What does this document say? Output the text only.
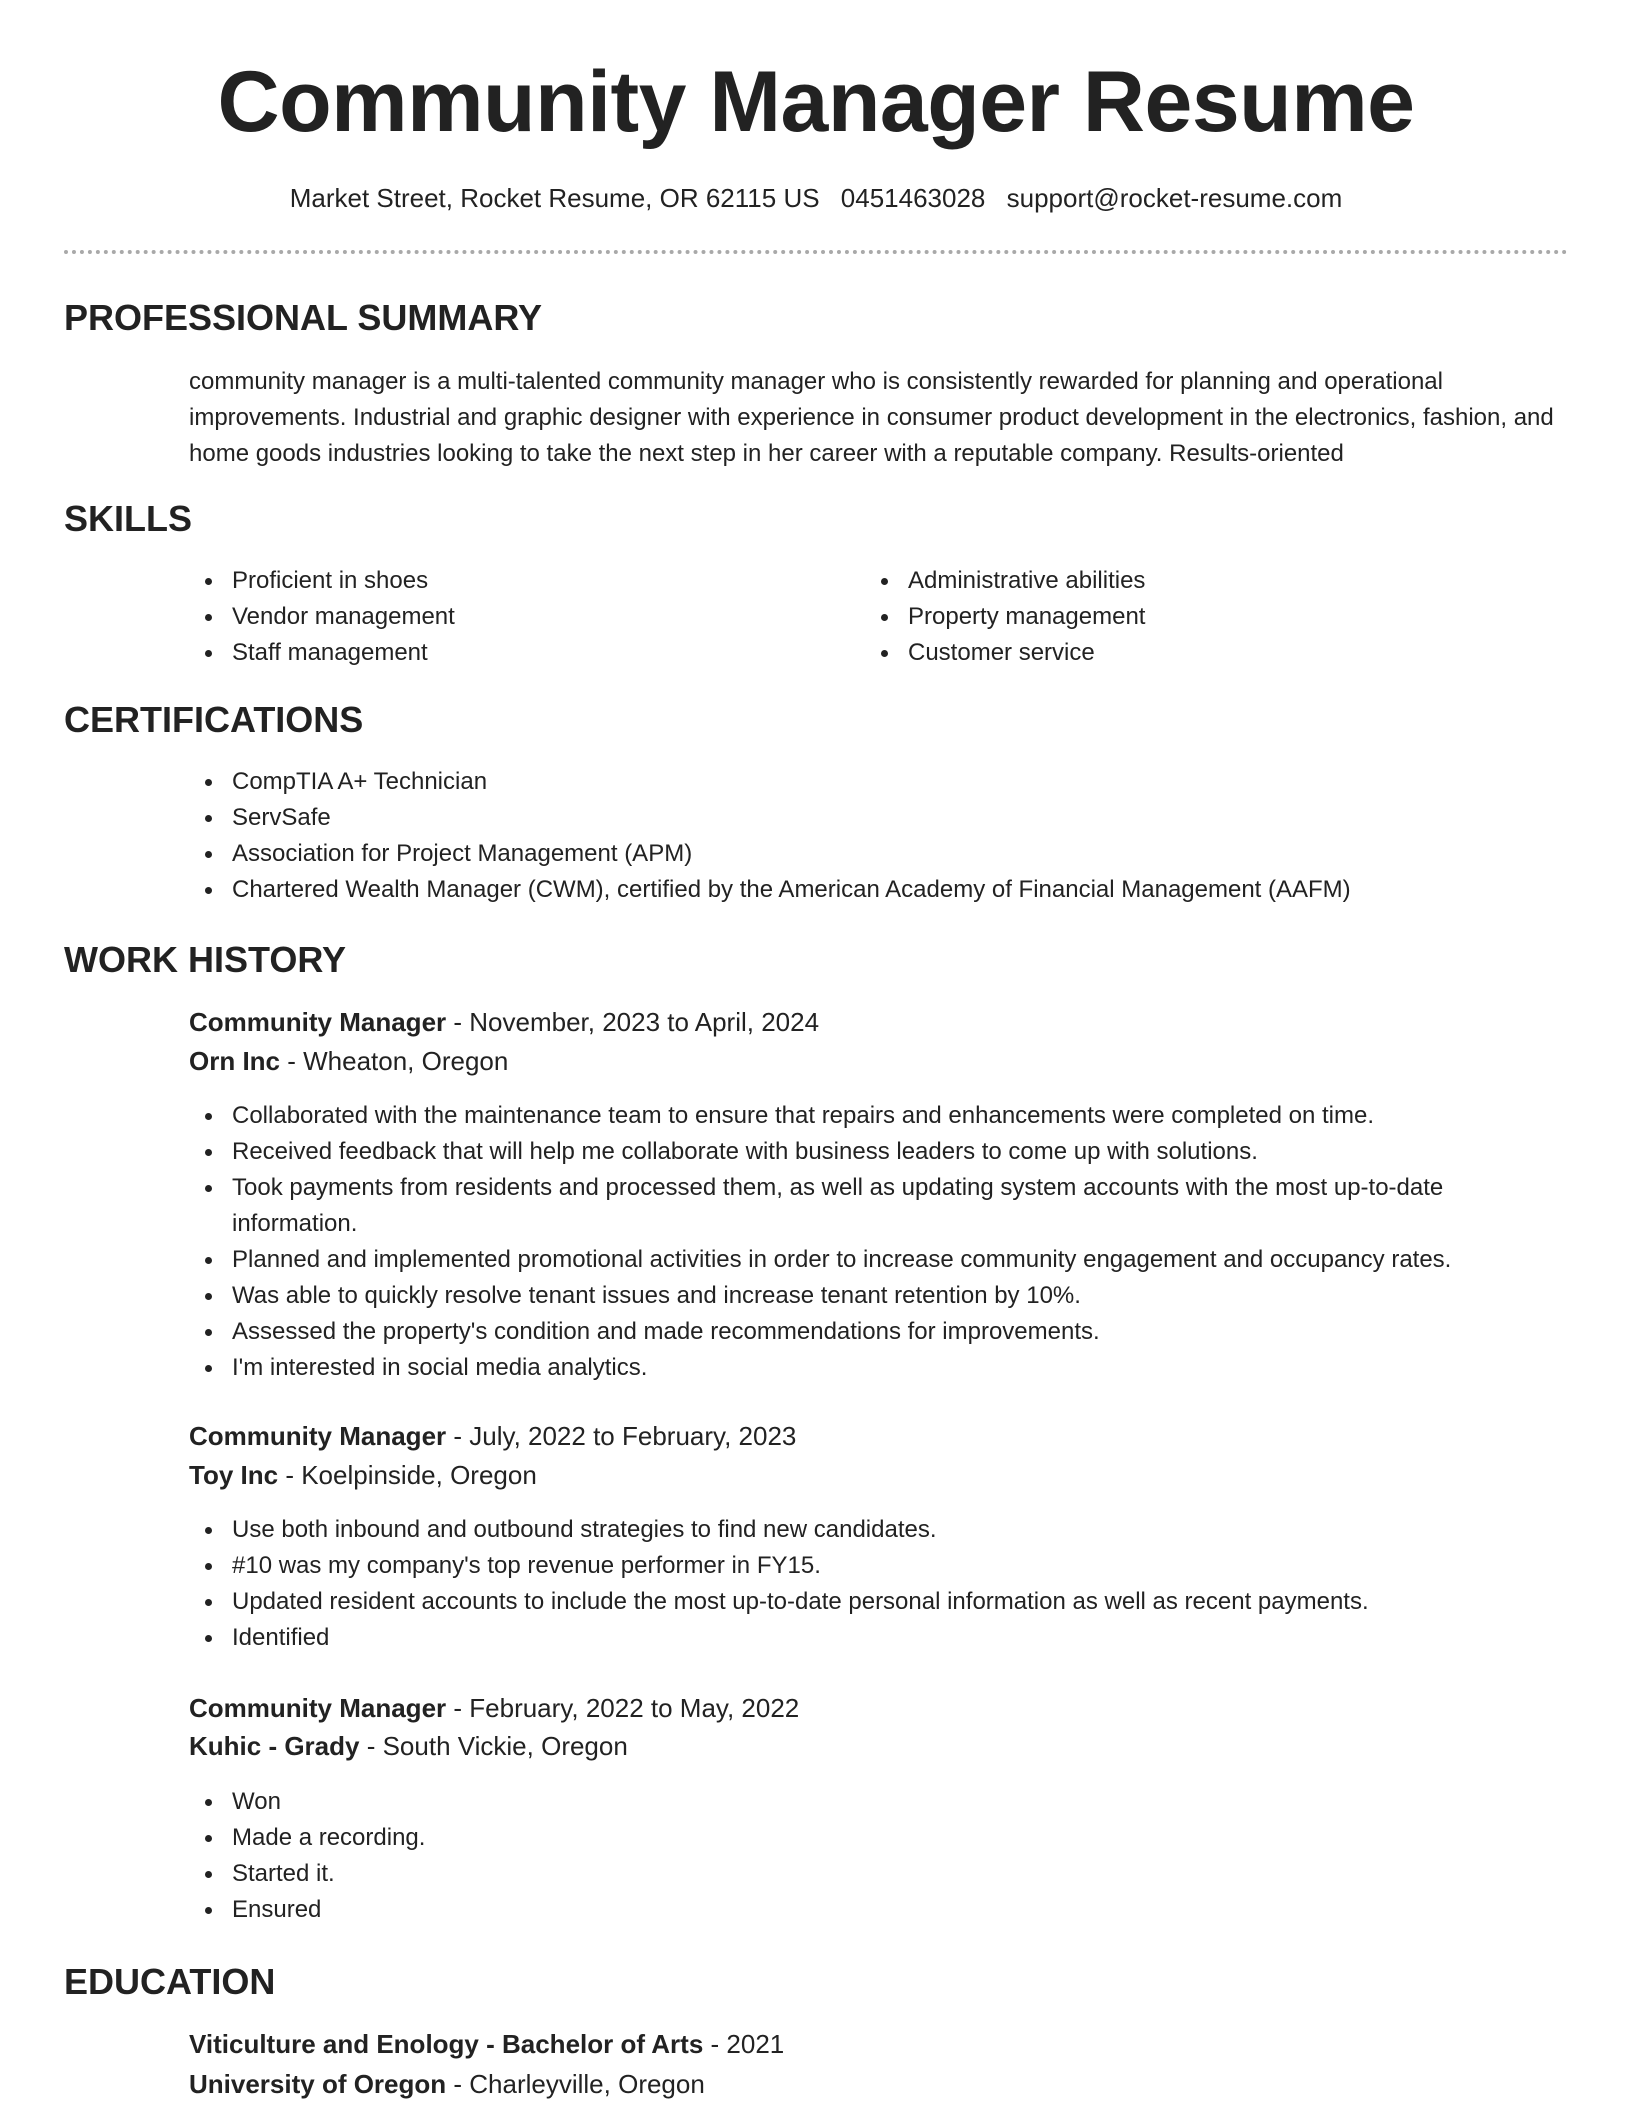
Community Manager Resume
Market Street, Rocket Resume, OR 62115 US 0451463028 support@rocket-resume.com
PROFESSIONAL SUMMARY

community manager is a multi-talented community manager who is consistently rewarded for planning and operational improvements. Industrial and graphic designer with experience in consumer product development in the electronics, fashion, and home goods industries looking to take the next step in her career with a reputable company. Results-oriented

SKILLS
Proficient in shoes
Vendor management
Staff management
Administrative abilities
Property management
Customer service
CERTIFICATIONS
CompTIA A+ Technician
ServSafe
Association for Project Management (APM)
Chartered Wealth Manager (CWM), certified by the American Academy of Financial Management (AAFM)
WORK HISTORY
Community Manager - November, 2023 to April, 2024
Orn Inc - Wheaton, Oregon
Collaborated with the maintenance team to ensure that repairs and enhancements were completed on time.
Received feedback that will help me collaborate with business leaders to come up with solutions.
Took payments from residents and processed them, as well as updating system accounts with the most up-to-date information.
Planned and implemented promotional activities in order to increase community engagement and occupancy rates.
Was able to quickly resolve tenant issues and increase tenant retention by 10%.
Assessed the property's condition and made recommendations for improvements.
I'm interested in social media analytics.
Community Manager - July, 2022 to February, 2023
Toy Inc - Koelpinside, Oregon
Use both inbound and outbound strategies to find new candidates.
#10 was my company's top revenue performer in FY15.
Updated resident accounts to include the most up-to-date personal information as well as recent payments.
Identified
Community Manager - February, 2022 to May, 2022
Kuhic - Grady - South Vickie, Oregon
Won
Made a recording.
Started it.
Ensured
EDUCATION
Viticulture and Enology - Bachelor of Arts - 2021
University of Oregon - Charleyville, Oregon
